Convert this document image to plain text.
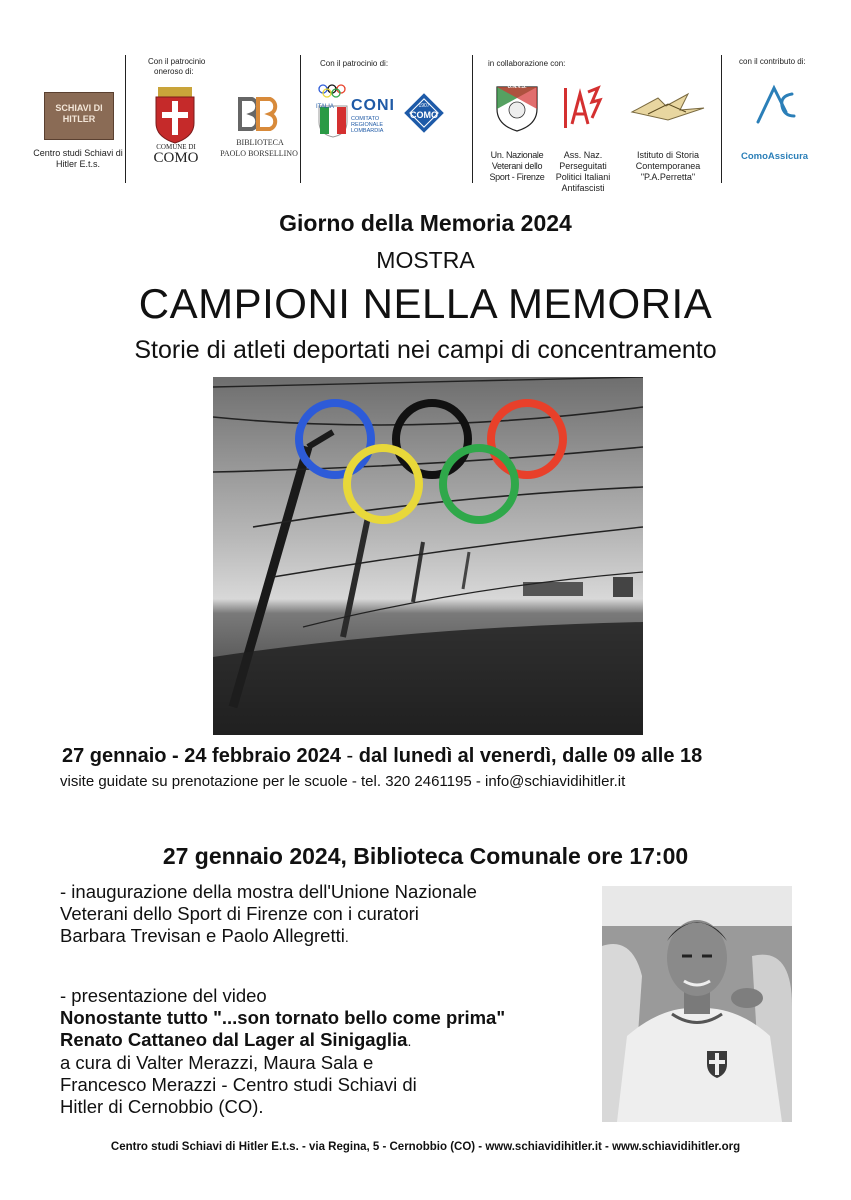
SCHIAVI DI HITLER
Centro studi Schiavi di Hitler E.t.s.
Con il patrocinio
oneroso di:
COMUNE DI
COMO
BIBLIOTECA
PAOLO BORSELLINO
Con il patrocinio di:
ITALIA CONI
COMITATO
REGIONALE
LOMBARDIA
1907
COMO
in collaborazione con:
U.N.V.S.
Un. Nazionale
Veterani dello
Sport - Firenze
Ass. Naz.
Perseguitati
Politici Italiani
Antifascisti
Istituto di Storia
Contemporanea
"P.A.Perretta"
con il contributo di:
ComoAssicura
Giorno della Memoria 2024
MOSTRA
CAMPIONI NELLA MEMORIA
Storie di atleti deportati nei campi di concentramento
27 gennaio - 24 febbraio 2024 - dal lunedì al venerdì, dalle 09 alle 18
visite guidate su prenotazione per le scuole - tel. 320 2461195 - info@schiavidihitler.it
27 gennaio 2024, Biblioteca Comunale ore 17:00
- inaugurazione della mostra dell'Unione Nazionale
Veterani dello Sport di Firenze con i curatori
Barbara Trevisan e Paolo Allegretti.
- presentazione del video
Nonostante tutto "...son tornato bello come prima"
Renato Cattaneo dal Lager al Sinigaglia.
a cura di Valter Merazzi, Maura Sala e
Francesco Merazzi - Centro studi Schiavi di
Hitler di Cernobbio (CO).
Centro studi Schiavi di Hitler E.t.s. - via Regina, 5 - Cernobbio (CO) - www.schiavidihitler.it - www.schiavidihitler.org
